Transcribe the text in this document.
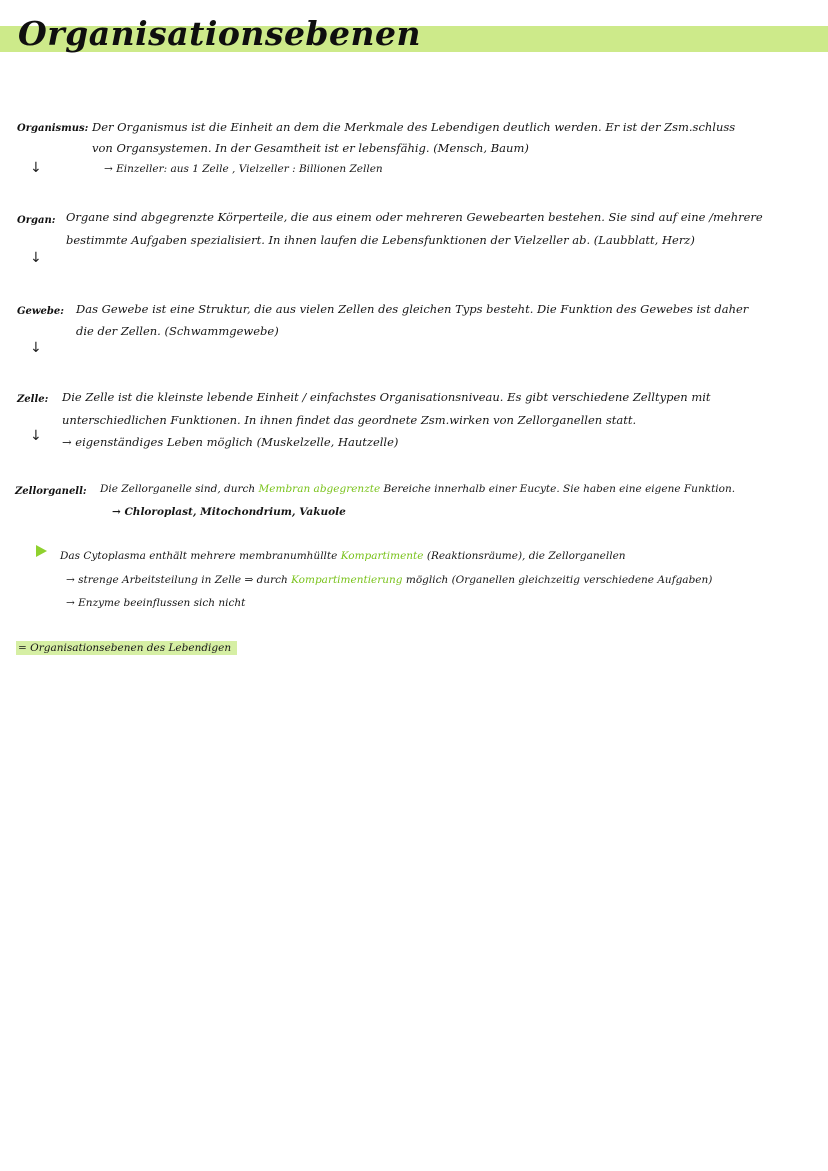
Organisationsebenen
Organismus: Der Organismus ist die Einheit an dem die Merkmale des Lebendigen deutlich werden. Er ist der Zsm.schluss
von Organsystemen. In der Gesamtheit ist er lebensfähig. (Mensch, Baum)
→ Einzeller: aus 1 Zelle , Vielzeller : Billionen Zellen
↓
Organ: Organe sind abgegrenzte Körperteile, die aus einem oder mehreren Gewebearten bestehen. Sie sind auf eine /mehrere
bestimmte Aufgaben spezialisiert. In ihnen laufen die Lebensfunktionen der Vielzeller ab. (Laubblatt, Herz)
↓
Gewebe: Das Gewebe ist eine Struktur, die aus vielen Zellen des gleichen Typs besteht. Die Funktion des Gewebes ist daher
die der Zellen. (Schwammgewebe)
↓
Zelle: Die Zelle ist die kleinste lebende Einheit / einfachstes Organisationsniveau. Es gibt verschiedene Zelltypen mit
unterschiedlichen Funktionen. In ihnen findet das geordnete Zsm.wirken von Zellorganellen statt.
→ eigenständiges Leben möglich (Muskelzelle, Hautzelle)
↓
Zellorganell: Die Zellorganelle sind, durch Membran abgegrenzte Bereiche innerhalb einer Eucyte. Sie haben eine eigene Funktion.
→ Chloroplast, Mitochondrium, Vakuole
Das Cytoplasma enthält mehrere membranumhüllte Kompartimente (Reaktionsräume), die Zellorganellen
→ strenge Arbeitsteilung in Zelle ⇒ durch Kompartimentierung möglich (Organellen gleichzeitig verschiedene Aufgaben)
→ Enzyme beeinflussen sich nicht
= Organisationsebenen des Lebendigen
